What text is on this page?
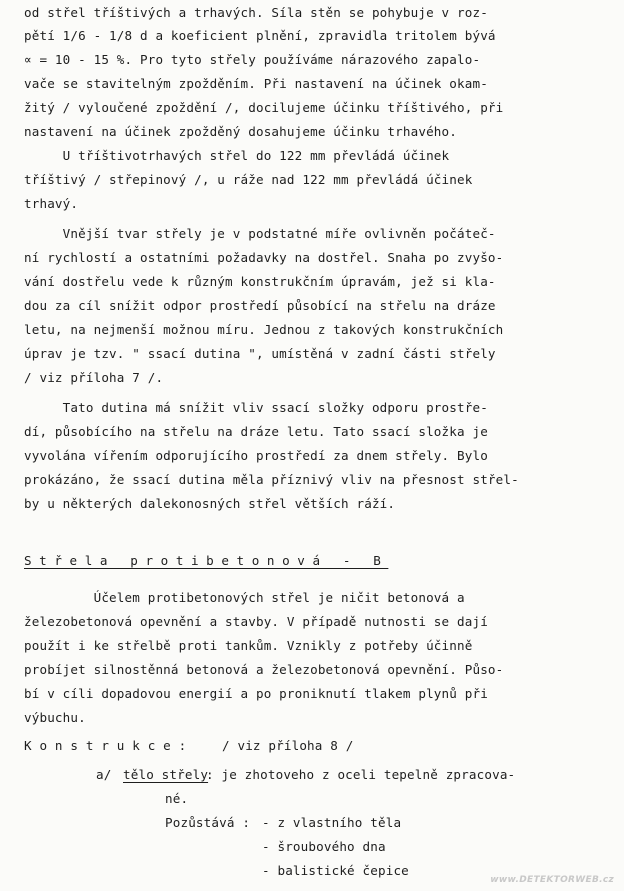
od střel tříštivých a trhavých. Síla stěn se pohybuje v roz-
pětí 1/6 - 1/8 d a koeficient plnění, zpravidla tritolem bývá
∝ = 10 - 15 %. Pro tyto střely používáme nárazového zapalo-
vače se stavitelným zpožděním. Při nastavení na účinek okam-
žitý / vyloučené zpoždění /, docilujeme účinku tříštivého, při
nastavení na účinek zpožděný dosahujeme účinku trhavého.
U tříštivotrhavých střel do 122 mm převládá účinek
tříštivý / střepinový /, u ráže nad 122 mm převládá účinek
trhavý.
Vnější tvar střely je v podstatné míře ovlivněn počáteč-
ní rychlostí a ostatními požadavky na dostřel. Snaha po zvyšo-
vání dostřelu vede k různým konstrukčním úpravám, jež si kla-
dou za cíl snížit odpor prostředí působící na střelu na dráze
letu, na nejmenší možnou míru. Jednou z takových konstrukčních
úprav je tzv. " ssací dutina ", umístěná v zadní části střely
/ viz příloha 7 /.
Tato dutina má snížit vliv ssací složky odporu prostře-
dí, působícího na střelu na dráze letu. Tato ssací složka je
vyvolána vířením odporujícího prostředí za dnem střely. Bylo
prokázáno, že ssací dutina měla příznivý vliv na přesnost střel-
by u některých dalekonosných střel větších ráží.
Střela protibetonová - B
Účelem protibetonových střel je ničit betonová a
železobetonová opevnění a stavby. V případě nutnosti se dají
použít i ke střelbě proti tankům. Vznikly z potřeby účinně
probíjet silnostěnná betonová a železobetonová opevnění. Půso-
bí v cíli dopadovou energií a po proniknutí tlakem plynů při
výbuchu.
K o n s t r u k c e :	/ viz příloha 8 /
a/ tělo střely
: je zhotoveho z oceli tepelně zpracova-
né.
Pozůstává : - z vlastního těla
- šroubového dna
- balistické čepice
www.DETEKTORWEB.cz
